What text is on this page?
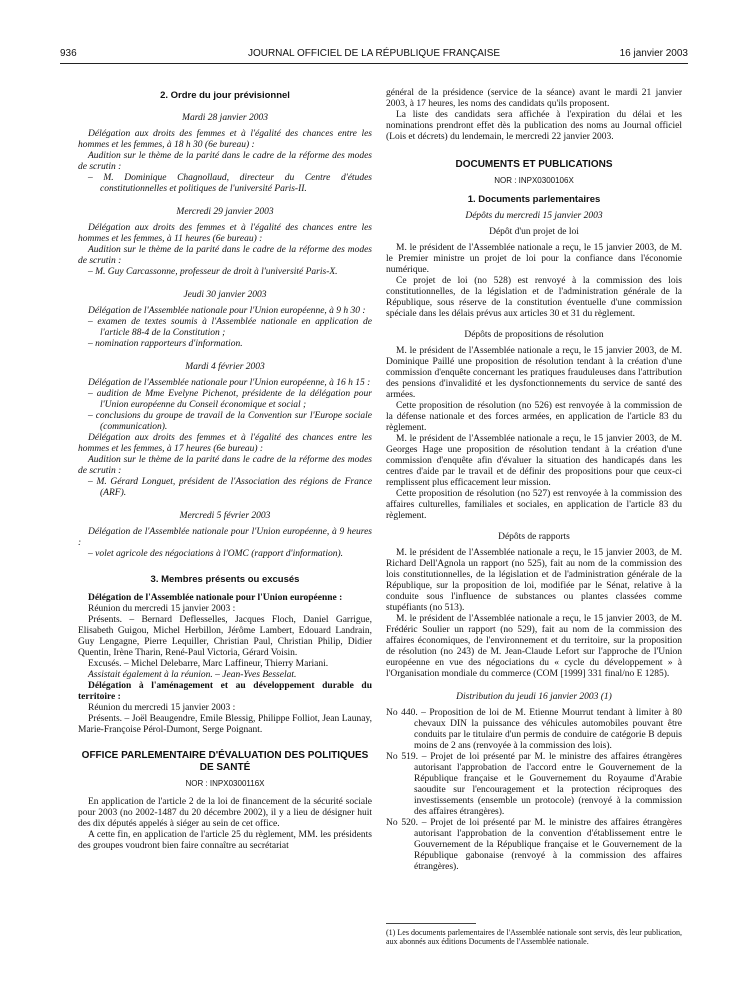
936	JOURNAL OFFICIEL DE LA RÉPUBLIQUE FRANÇAISE	16 janvier 2003
2. Ordre du jour prévisionnel
Mardi 28 janvier 2003

Délégation aux droits des femmes et à l'égalité des chances entre les hommes et les femmes, à 18 h 30 (6e bureau) :

Audition sur le thème de la parité dans le cadre de la réforme des modes de scrutin :

– M. Dominique Chagnollaud, directeur du Centre d'études constitutionnelles et politiques de l'université Paris-II.

Mercredi 29 janvier 2003

Délégation aux droits des femmes et à l'égalité des chances entre les hommes et les femmes, à 11 heures (6e bureau) :

Audition sur le thème de la parité dans le cadre de la réforme des modes de scrutin :

– M. Guy Carcassonne, professeur de droit à l'université Paris-X.

Jeudi 30 janvier 2003

Délégation de l'Assemblée nationale pour l'Union européenne, à 9 h 30 :

– examen de textes soumis à l'Assemblée nationale en application de l'article 88-4 de la Constitution ;

– nomination rapporteurs d'information.

Mardi 4 février 2003

Délégation de l'Assemblée nationale pour l'Union européenne, à 16 h 15 :

– audition de Mme Evelyne Pichenot, présidente de la délégation pour l'Union européenne du Conseil économique et social ;

– conclusions du groupe de travail de la Convention sur l'Europe sociale (communication).

Délégation aux droits des femmes et à l'égalité des chances entre les hommes et les femmes, à 17 heures (6e bureau) :

Audition sur le thème de la parité dans le cadre de la réforme des modes de scrutin :

– M. Gérard Longuet, président de l'Association des régions de France (ARF).

Mercredi 5 février 2003

Délégation de l'Assemblée nationale pour l'Union européenne, à 9 heures :

– volet agricole des négociations à l'OMC (rapport d'information).

3. Membres présents ou excusés

Délégation de l'Assemblée nationale pour l'Union européenne :

Réunion du mercredi 15 janvier 2003 :

Présents. – Bernard Deflesselles, Jacques Floch, Daniel Garrigue, Elisabeth Guigou, Michel Herbillon, Jérôme Lambert, Edouard Landrain, Guy Lengagne, Pierre Lequiller, Christian Paul, Christian Philip, Didier Quentin, Irène Tharin, René-Paul Victoria, Gérard Voisin.

Excusés. – Michel Delebarre, Marc Laffineur, Thierry Mariani.

Assistait également à la réunion. – Jean-Yves Besselat.

Délégation à l'aménagement et au développement durable du territoire :

Réunion du mercredi 15 janvier 2003 :

Présents. – Joël Beaugendre, Emile Blessig, Philippe Folliot, Jean Launay, Marie-Françoise Pérol-Dumont, Serge Poignant.

OFFICE PARLEMENTAIRE D'ÉVALUATION DES POLITIQUES DE SANTÉ
NOR : INPX0300116X

En application de l'article 2 de la loi de financement de la sécurité sociale pour 2003 (no 2002-1487 du 20 décembre 2002), il y a lieu de désigner huit des dix députés appelés à siéger au sein de cet office.

A cette fin, en application de l'article 25 du règlement, MM. les présidents des groupes voudront bien faire connaître au secrétariat

général de la présidence (service de la séance) avant le mardi 21 janvier 2003, à 17 heures, les noms des candidats qu'ils proposent.

La liste des candidats sera affichée à l'expiration du délai et les nominations prendront effet dès la publication des noms au Journal officiel (Lois et décrets) du lendemain, le mercredi 22 janvier 2003.

DOCUMENTS ET PUBLICATIONS
NOR : INPX0300106X
1. Documents parlementaires
Dépôts du mercredi 15 janvier 2003
Dépôt d'un projet de loi

M. le président de l'Assemblée nationale a reçu, le 15 janvier 2003, de M. le Premier ministre un projet de loi pour la confiance dans l'économie numérique.

Ce projet de loi (no 528) est renvoyé à la commission des lois constitutionnelles, de la législation et de l'administration générale de la République, sous réserve de la constitution éventuelle d'une commission spéciale dans les délais prévus aux articles 30 et 31 du règlement.

Dépôts de propositions de résolution

M. le président de l'Assemblée nationale a reçu, le 15 janvier 2003, de M. Dominique Paillé une proposition de résolution tendant à la création d'une commission d'enquête concernant les pratiques frauduleuses dans l'attribution des pensions d'invalidité et les dysfonctionnements du service de santé des armées.

Cette proposition de résolution (no 526) est renvoyée à la commission de la défense nationale et des forces armées, en application de l'article 83 du règlement.

M. le président de l'Assemblée nationale a reçu, le 15 janvier 2003, de M. Georges Hage une proposition de résolution tendant à la création d'une commission d'enquête afin d'évaluer la situation des handicapés dans les centres d'aide par le travail et de définir des propositions pour que ceux-ci remplissent plus efficacement leur mission.

Cette proposition de résolution (no 527) est renvoyée à la commission des affaires culturelles, familiales et sociales, en application de l'article 83 du règlement.

Dépôts de rapports

M. le président de l'Assemblée nationale a reçu, le 15 janvier 2003, de M. Richard Dell'Agnola un rapport (no 525), fait au nom de la commission des lois constitutionnelles, de la législation et de l'administration générale de la République, sur la proposition de loi, modifiée par le Sénat, relative à la conduite sous l'influence de substances ou plantes classées comme stupéfiants (no 513).

M. le président de l'Assemblée nationale a reçu, le 15 janvier 2003, de M. Frédéric Soulier un rapport (no 529), fait au nom de la commission des affaires économiques, de l'environnement et du territoire, sur la proposition de résolution (no 243) de M. Jean-Claude Lefort sur l'approche de l'Union européenne en vue des négociations du « cycle du développement » à l'Organisation mondiale du commerce (COM [1999] 331 final/no E 1285).

Distribution du jeudi 16 janvier 2003 (1)

No 440. – Proposition de loi de M. Etienne Mourrut tendant à limiter à 80 chevaux DIN la puissance des véhicules automobiles pouvant être conduits par le titulaire d'un permis de conduire de catégorie B depuis moins de 2 ans (renvoyée à la commission des lois).

No 519. – Projet de loi présenté par M. le ministre des affaires étrangères autorisant l'approbation de l'accord entre le Gouvernement de la République française et le Gouvernement du Royaume d'Arabie saoudite sur l'encouragement et la protection réciproques des investissements (ensemble un protocole) (renvoyé à la commission des affaires étrangères).

No 520. – Projet de loi présenté par M. le ministre des affaires étrangères autorisant l'approbation de la convention d'établissement entre le Gouvernement de la République française et le Gouvernement de la République gabonaise (renvoyé à la commission des affaires étrangères).

(1) Les documents parlementaires de l'Assemblée nationale sont servis, dès leur publication, aux abonnés aux éditions Documents de l'Assemblée nationale.
